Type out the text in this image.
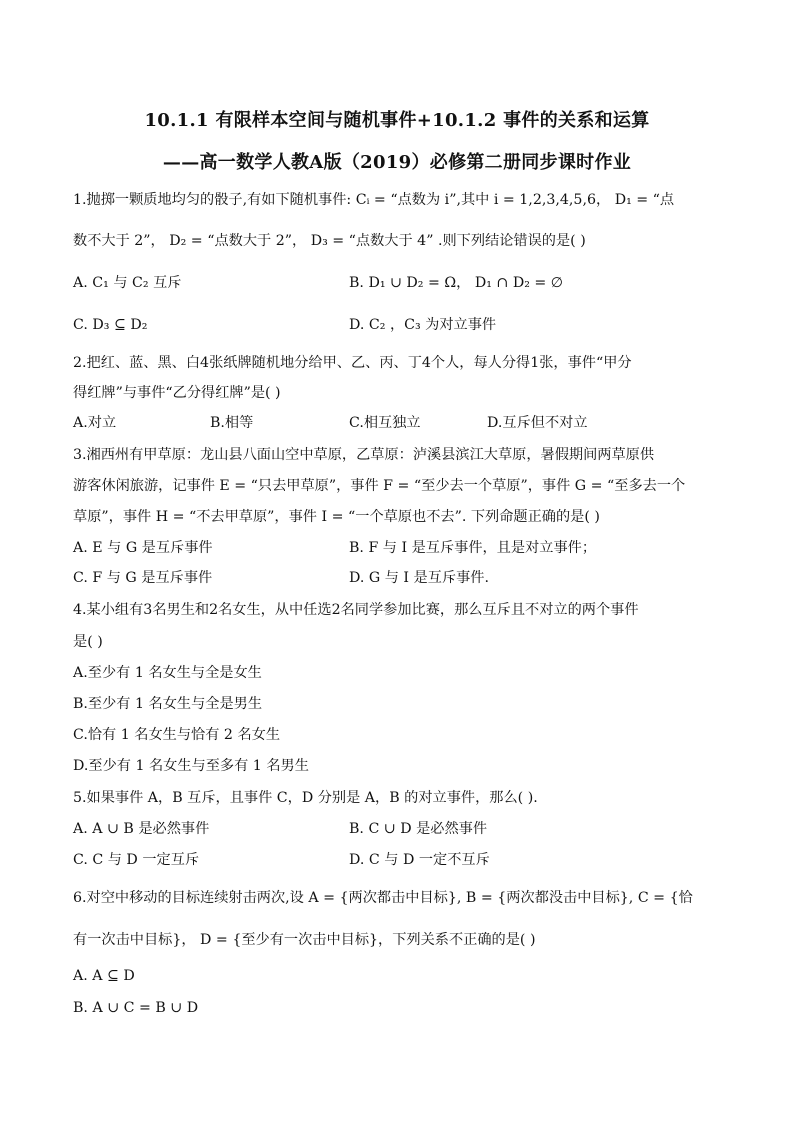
10.1.1 有限样本空间与随机事件+10.1.2 事件的关系和运算
——高一数学人教A版（2019）必修第二册同步课时作业
1.抛掷一颗质地均匀的骰子,有如下随机事件: Cᵢ = “点数为 i”,其中 i = 1,2,3,4,5,6， D₁ = “点
数不大于 2”， D₂ = “点数大于 2”， D₃ = “点数大于 4” .则下列结论错误的是( )
A. C₁ 与 C₂ 互斥	B. D₁ ∪ D₂ = Ω， D₁ ∩ D₂ = ∅
C. D₃ ⊆ D₂	D. C₂ ，C₃ 为对立事件
2.把红、蓝、黑、白4张纸牌随机地分给甲、乙、丙、丁4个人，每人分得1张，事件“甲分
得红牌”与事件“乙分得红牌”是( )
A.对立	B.相等	C.相互独立	D.互斥但不对立
3.湘西州有甲草原：龙山县八面山空中草原，乙草原：泸溪县滨江大草原，暑假期间两草原供
游客休闲旅游，记事件 E = “只去甲草原”，事件 F = “至少去一个草原”，事件 G = “至多去一个
草原”，事件 H = “不去甲草原”，事件 I = “一个草原也不去”. 下列命题正确的是( )
A. E 与 G 是互斥事件	B. F 与 I 是互斥事件，且是对立事件；
C. F 与 G 是互斥事件	D. G 与 I 是互斥事件.
4.某小组有3名男生和2名女生，从中任选2名同学参加比赛，那么互斥且不对立的两个事件
是( )
A.至少有 1 名女生与全是女生
B.至少有 1 名女生与全是男生
C.恰有 1 名女生与恰有 2 名女生
D.至少有 1 名女生与至多有 1 名男生
5.如果事件 A，B 互斥，且事件 C，D 分别是 A，B 的对立事件，那么( ).
A. A ∪ B 是必然事件	B. C ∪ D 是必然事件
C. C 与 D 一定互斥	D. C 与 D 一定不互斥
6.对空中移动的目标连续射击两次,设 A = {两次都击中目标}, B = {两次都没击中目标}, C = {恰
有一次击中目标}， D = {至少有一次击中目标}，下列关系不正确的是( )
A. A ⊆ D
B. A ∪ C = B ∪ D
